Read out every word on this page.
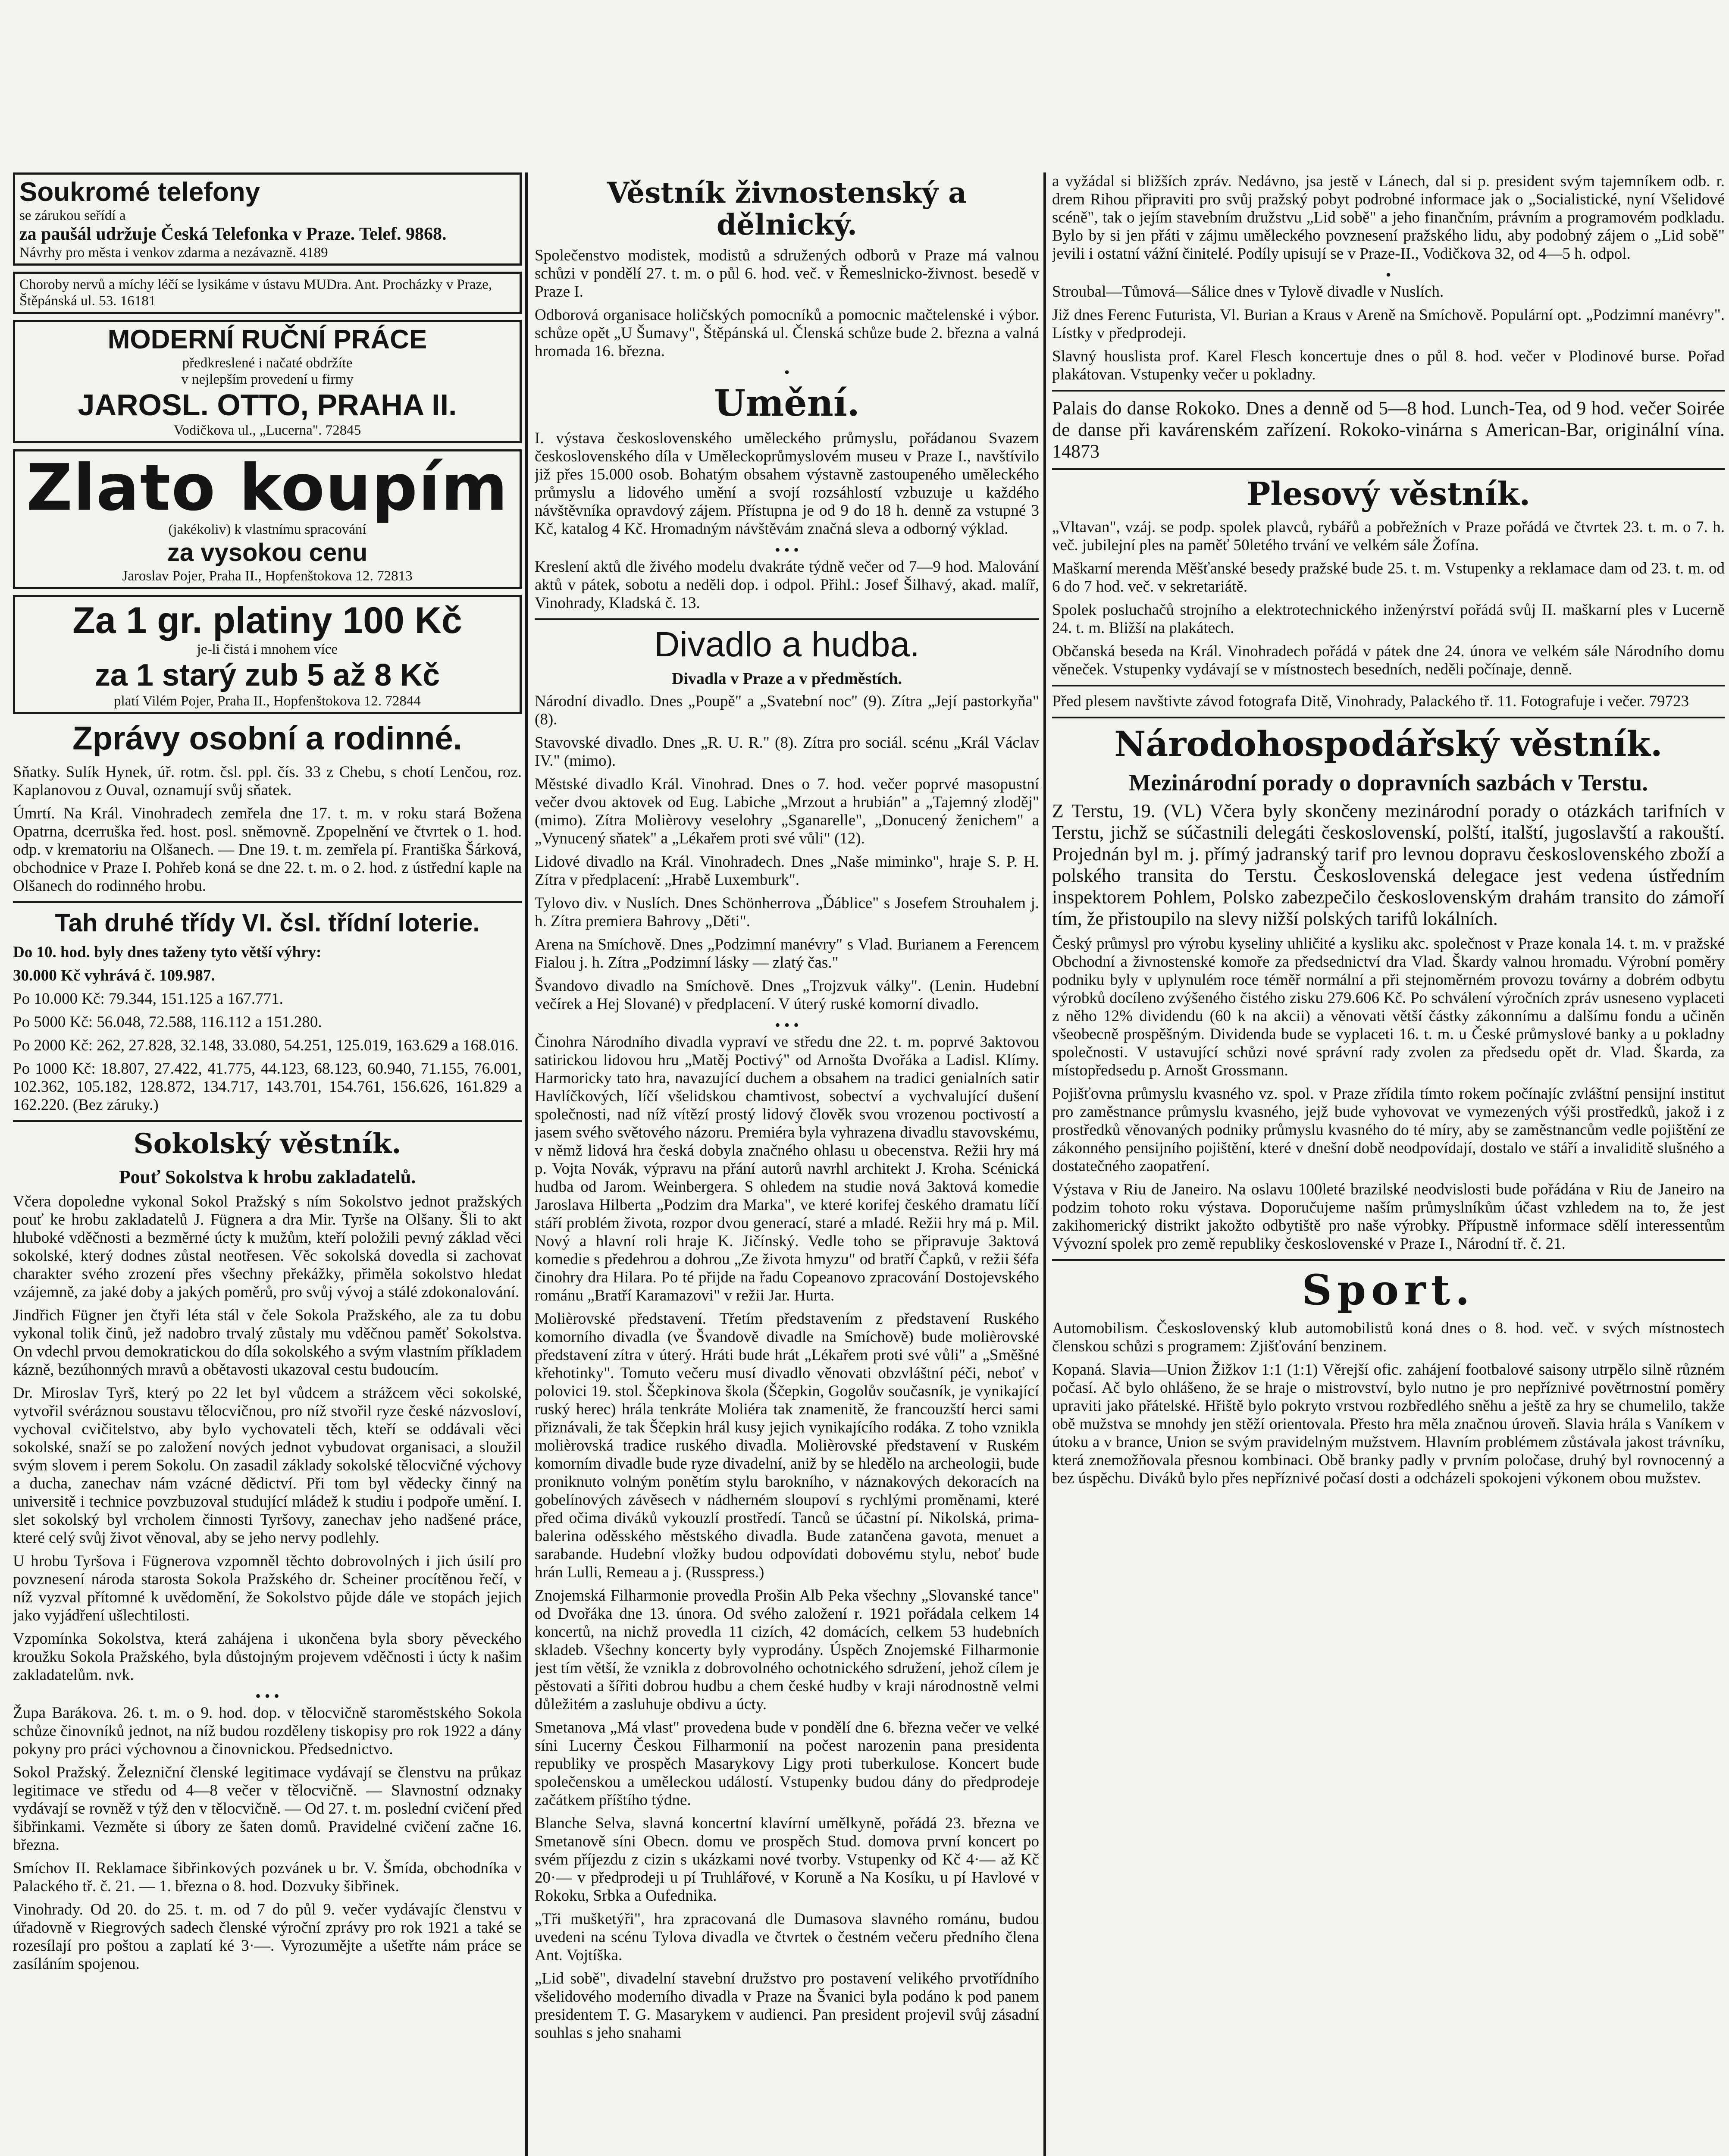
Soukromé telefony
se zárukou seřídí a
za paušál udržuje Česká Telefonka v Praze. Telef. 9868.
Návrhy pro města i venkov zdarma a nezávazně. 4189
Choroby nervů a míchy léčí se lysikáme v ústavu MUDra. Ant. Procházky v Praze, Štěpánská ul. 53. 16181
MODERNÍ RUČNÍ PRÁCE
předkreslené i načaté obdržíte
v nejlepším provedení u firmy
JAROSL. OTTO, PRAHA II.
Vodičkova ul., „Lucerna". 72845
Zlato koupím
(jakékoliv) k vlastnímu spracování
za vysokou cenu
Jaroslav Pojer, Praha II., Hopfenštokova 12. 72813
Za 1 gr. platiny 100 Kč
je-li čistá i mnohem více
za 1 starý zub 5 až 8 Kč
platí Vilém Pojer, Praha II., Hopfenštokova 12. 72844
Zprávy osobní a rodinné.

Sňatky. Sulík Hynek, úř. rotm. čsl. ppl. čís. 33 z Chebu, s chotí Lenčou, roz. Kaplanovou z Ouval, oznamují svůj sňatek.

Úmrtí. Na Král. Vinohradech zemřela dne 17. t. m. v roku stará Božena Opatrna, dcerruška řed. host. posl. sněmovně. Zpopelnění ve čtvrtek o 1. hod. odp. v krematoriu na Olšanech. — Dne 19. t. m. zemřela pí. Františka Šárková, obchodnice v Praze I. Pohřeb koná se dne 22. t. m. o 2. hod. z ústřední kaple na Olšanech do rodinného hrobu.

Tah druhé třídy VI. čsl. třídní loterie.

Do 10. hod. byly dnes taženy tyto větší výhry:

30.000 Kč vyhrává č. 109.987.

Po 10.000 Kč: 79.344, 151.125 a 167.771.

Po 5000 Kč: 56.048, 72.588, 116.112 a 151.280.

Po 2000 Kč: 262, 27.828, 32.148, 33.080, 54.251, 125.019, 163.629 a 168.016.

Po 1000 Kč: 18.807, 27.422, 41.775, 44.123, 68.123, 60.940, 71.155, 76.001, 102.362, 105.182, 128.872, 134.717, 143.701, 154.761, 156.626, 161.829 a 162.220. (Bez záruky.)

Sokolský věstník.
Pouť Sokolstva k hrobu zakladatelů.

Včera dopoledne vykonal Sokol Pražský s ním Sokolstvo jednot pražských pouť ke hrobu zakladatelů J. Fügnera a dra Mir. Tyrše na Olšany. Šli to akt hluboké vděčnosti a bezměrné úcty k mužům, kteří položili pevný základ věci sokolské, který dodnes zůstal neotřesen. Věc sokolská dovedla si zachovat charakter svého zrození přes všechny překážky, přiměla sokolstvo hledat vzájemně, za jaké doby a jakých poměrů, pro svůj vývoj a stálé zdokonalování.

Jindřich Fügner jen čtyři léta stál v čele Sokola Pražského, ale za tu dobu vykonal tolik činů, jež nadobro trvalý zůstaly mu vděčnou paměť Sokolstva. On vdechl prvou demokratickou do díla sokolského a svým vlastním příkladem kázně, bezúhonných mravů a obětavosti ukazoval cestu budoucím.

Dr. Miroslav Tyrš, který po 22 let byl vůdcem a strážcem věci sokolské, vytvořil svéráznou soustavu tělocvičnou, pro níž stvořil ryze české názvosloví, vychoval cvičitelstvo, aby bylo vychovateli těch, kteří se oddávali věci sokolské, snaží se po založení nových jednot vybudovat organisaci, a sloužil svým slovem i perem Sokolu. On zasadil základy sokolské tělocvičné výchovy a ducha, zanechav nám vzácné dědictví. Při tom byl vědecky činný na universitě i technice povzbuzoval studující mládež k studiu i podpoře umění. I. slet sokolský byl vrcholem činnosti Tyršovy, zanechav jeho nadšené práce, které celý svůj život věnoval, aby se jeho nervy podlehly.

U hrobu Tyršova i Fügnerova vzpomněl těchto dobrovolných i jich úsilí pro povznesení národa starosta Sokola Pražského dr. Scheiner procítěnou řečí, v níž vyzval přítomné k uvědomění, že Sokolstvo půjde dále ve stopách jejich jako vyjádření ušlechtilosti.

Vzpomínka Sokolstva, která zahájena i ukončena byla sbory pěveckého kroužku Sokola Pražského, byla důstojným projevem vděčnosti i úcty k našim zakladatelům. nvk.

• • •

Župa Barákova. 26. t. m. o 9. hod. dop. v tělocvičně staroměstského Sokola schůze činovníků jednot, na níž budou rozděleny tiskopisy pro rok 1922 a dány pokyny pro práci výchovnou a činovnickou. Předsednictvo.

Sokol Pražský. Železniční členské legitimace vydávají se členstvu na průkaz legitimace ve středu od 4—8 večer v tělocvičně. — Slavnostní odznaky vydávají se rovněž v týž den v tělocvičně. — Od 27. t. m. poslední cvičení před šibřinkami. Vezměte si úbory ze šaten domů. Pravidelné cvičení začne 16. března.

Smíchov II. Reklamace šibřinkových pozvánek u br. V. Šmída, obchodníka v Palackého tř. č. 21. — 1. března o 8. hod. Dozvuky šibřinek.

Vinohrady. Od 20. do 25. t. m. od 7 do půl 9. večer vydávajíc členstvu v úřadovně v Riegrových sadech členské výroční zprávy pro rok 1921 a také se rozesílají pro poštou a zaplatí ké 3·—. Vyrozumějte a ušetřte nám práce se zasíláním spojenou.

Věstník živnostenský a dělnický.

Společenstvo modistek, modistů a sdružených odborů v Praze má valnou schůzi v pondělí 27. t. m. o půl 6. hod. več. v Řemeslnicko-živnost. besedě v Praze I.

Odborová organisace holičských pomocníků a pomocnic mačtelenské i výbor. schůze opět „U Šumavy", Štěpánská ul. Členská schůze bude 2. března a valná hromada 16. března.

•
Umění.

I. výstava československého uměleckého průmyslu, pořádanou Svazem československého díla v Uměleckoprůmyslovém museu v Praze I., navštívilo již přes 15.000 osob. Bohatým obsahem výstavně zastoupeného uměleckého průmyslu a lidového umění a svojí rozsáhlostí vzbuzuje u každého návštěvníka opravdový zájem. Přístupna je od 9 do 18 h. denně za vstupné 3 Kč, katalog 4 Kč. Hromadným návštěvám značná sleva a odborný výklad.

• • •

Kreslení aktů dle živého modelu dvakráte týdně večer od 7—9 hod. Malování aktů v pátek, sobotu a neděli dop. i odpol. Přihl.: Josef Šilhavý, akad. malíř, Vinohrady, Kladská č. 13.

Divadlo a hudba.
Divadla v Praze a v předměstích.

Národní divadlo. Dnes „Poupě" a „Svatební noc" (9). Zítra „Její pastorkyňa" (8).

Stavovské divadlo. Dnes „R. U. R." (8). Zítra pro sociál. scénu „Král Václav IV." (mimo).

Městské divadlo Král. Vinohrad. Dnes o 7. hod. večer poprvé masopustní večer dvou aktovek od Eug. Labiche „Mrzout a hrubián" a „Tajemný zloděj" (mimo). Zítra Molièrovy veselohry „Sganarelle", „Donucený ženichem" a „Vynucený sňatek" a „Lékařem proti své vůli" (12).

Lidové divadlo na Král. Vinohradech. Dnes „Naše miminko", hraje S. P. H. Zítra v předplacení: „Hrabě Luxemburk".

Tylovo div. v Nuslích. Dnes Schönherrova „Ďáblice" s Josefem Strouhalem j. h. Zítra premiera Bahrovy „Děti".

Arena na Smíchově. Dnes „Podzimní manévry" s Vlad. Burianem a Ferencem Fialou j. h. Zítra „Podzimní lásky — zlatý čas."

Švandovo divadlo na Smíchově. Dnes „Trojzvuk války". (Lenin. Hudební večírek a Hej Slované) v předplacení. V úterý ruské komorní divadlo.

• • •

Činohra Národního divadla vypraví ve středu dne 22. t. m. poprvé 3aktovou satirickou lidovou hru „Matěj Poctivý" od Arnošta Dvořáka a Ladisl. Klímy. Harmoricky tato hra, navazující duchem a obsahem na tradici genialních satir Havlíčkových, líčí všelidskou chamtivost, sobectví a vychvalující dušení společnosti, nad níž vítězí prostý lidový člověk svou vrozenou poctivostí a jasem svého světového názoru. Premiéra byla vyhrazena divadlu stavovskému, v němž lidová hra česká dobyla značného ohlasu u obecenstva. Režii hry má p. Vojta Novák, výpravu na přání autorů navrhl architekt J. Kroha. Scénická hudba od Jarom. Weinbergera. S ohledem na studie nová 3aktová komedie Jaroslava Hilberta „Podzim dra Marka", ve které korifej českého dramatu líčí stáří problém života, rozpor dvou generací, staré a mladé. Režii hry má p. Mil. Nový a hlavní roli hraje K. Jičínský. Vedle toho se připravuje 3aktová komedie s předehrou a dohrou „Ze života hmyzu" od bratří Čapků, v režii šéfa činohry dra Hilara. Po té přijde na řadu Copeanovo zpracování Dostojevského románu „Bratří Karamazovi" v režii Jar. Hurta.

Molièrovské představení. Třetím představením z představení Ruského komorního divadla (ve Švandově divadle na Smíchově) bude molièrovské představení zítra v úterý. Hráti bude hrát „Lékařem proti své vůli" a „Směšné křehotinky". Tomuto večeru musí divadlo věnovati obzvláštní péči, neboť v polovici 19. stol. Ščepkinova škola (Ščepkin, Gogolův současník, je vynikající ruský herec) hrála tenkráte Moliéra tak znamenitě, že francouzští herci sami přiznávali, že tak Ščepkin hrál kusy jejich vynikajícího rodáka. Z toho vznikla molièrovská tradice ruského divadla. Molièrovské představení v Ruském komorním divadle bude ryze divadelní, aniž by se hledělo na archeologii, bude proniknuto volným ponětím stylu barokního, v náznakových dekoracích na gobelínových závěsech v nádherném sloupoví s rychlými proměnami, které před očima diváků vykouzlí prostředí. Tanců se účastní pí. Nikolská, prima-balerina oděsského městského divadla. Bude zatančena gavota, menuet a sarabande. Hudební vložky budou odpovídati dobovému stylu, neboť bude hrán Lulli, Remeau a j. (Russpress.)

Znojemská Filharmonie provedla Prošin Alb Peka všechny „Slovanské tance" od Dvořáka dne 13. února. Od svého založení r. 1921 pořádala celkem 14 koncertů, na nichž provedla 11 cizích, 42 domácích, celkem 53 hudebních skladeb. Všechny koncerty byly vyprodány. Úspěch Znojemské Filharmonie jest tím větší, že vznikla z dobrovolného ochotnického sdružení, jehož cílem je pěstovati a šířiti dobrou hudbu a chem české hudby v kraji národnostně velmi důležitém a zasluhuje obdivu a úcty.

Smetanova „Má vlast" provedena bude v pondělí dne 6. března večer ve velké síni Lucerny Českou Filharmonií na počest narozenin pana presidenta republiky ve prospěch Masarykovy Ligy proti tuberkulose. Koncert bude společenskou a uměleckou událostí. Vstupenky budou dány do předprodeje začátkem příštího týdne.

Blanche Selva, slavná koncertní klavírní umělkyně, pořádá 23. března ve Smetanově síni Obecn. domu ve prospěch Stud. domova první koncert po svém příjezdu z cizin s ukázkami nové tvorby. Vstupenky od Kč 4·— až Kč 20·— v předprodeji u pí Truhlářové, v Koruně a Na Kosíku, u pí Havlové v Rokoku, Srbka a Oufednika.

„Tři mušketýři", hra zpracovaná dle Dumasova slavného románu, budou uvedeni na scénu Tylova divadla ve čtvrtek o čestném večeru předního člena Ant. Vojtíška.

„Lid sobě", divadelní stavební družstvo pro postavení velikého prvotřídního všelidového moderního divadla v Praze na Švanici byla podáno k pod panem presidentem T. G. Masarykem v audienci. Pan president projevil svůj zásadní souhlas s jeho snahami

a vyžádal si bližších zpráv. Nedávno, jsa jestě v Lánech, dal si p. president svým tajemníkem odb. r. drem Rihou připraviti pro svůj pražský pobyt podrobné informace jak o „Socialistické, nyní Všelidové scéně", tak o jejím stavebním družstvu „Lid sobě" a jeho finančním, právním a programovém podkladu. Bylo by si jen přáti v zájmu uměleckého povznesení pražského lidu, aby podobný zájem o „Lid sobě" jevili i ostatní vážní činitelé. Podíly upisují se v Praze-II., Vodičkova 32, od 4—5 h. odpol.

•

Stroubal—Tůmová—Sálice dnes v Tylově divadle v Nuslích.

Již dnes Ferenc Futurista, Vl. Burian a Kraus v Areně na Smíchově. Populární opt. „Podzimní manévry". Lístky v předprodeji.

Slavný houslista prof. Karel Flesch koncertuje dnes o půl 8. hod. večer v Plodinové burse. Pořad plakátovan. Vstupenky večer u pokladny.

Palais do danse Rokoko. Dnes a denně od 5—8 hod. Lunch-Tea, od 9 hod. večer Soirée de danse při kavárenském zařízení. Rokoko-vinárna s American-Bar, originální vína. 14873

Plesový věstník.

„Vltavan", vzáj. se podp. spolek plavců, rybářů a pobřežních v Praze pořádá ve čtvrtek 23. t. m. o 7. h. več. jubilejní ples na paměť 50letého trvání ve velkém sále Žofína.

Maškarní merenda Měšťanské besedy pražské bude 25. t. m. Vstupenky a reklamace dam od 23. t. m. od 6 do 7 hod. več. v sekretariátě.

Spolek posluchačů strojního a elektrotechnického inženýrství pořádá svůj II. maškarní ples v Lucerně 24. t. m. Bližší na plakátech.

Občanská beseda na Král. Vinohradech pořádá v pátek dne 24. února ve velkém sále Národního domu věneček. Vstupenky vydávají se v místnostech besedních, neděli počínaje, denně.

Před plesem navštivte závod fotografa Ditě, Vinohrady, Palackého tř. 11. Fotografuje i večer. 79723

Národohospodářský věstník.
Mezinárodní porady o dopravních sazbách v Terstu.

Z Terstu, 19. (VL) Včera byly skončeny mezinárodní porady o otázkách tarifních v Terstu, jichž se súčastnili delegáti československí, polští, italští, jugoslavští a rakouští. Projednán byl m. j. přímý jadranský tarif pro levnou dopravu československého zboží a polského transita do Terstu. Československá delegace jest vedena ústředním inspektorem Pohlem, Polsko zabezpečilo československým drahám transito do zámoří tím, že přistoupilo na slevy nižší polských tarifů lokálních.

Český průmysl pro výrobu kyseliny uhličité a kysliku akc. společnost v Praze konala 14. t. m. v pražské Obchodní a živnostenské komoře za předsednictví dra Vlad. Škardy valnou hromadu. Výrobní poměry podniku byly v uplynulém roce téměř normální a při stejnoměrném provozu továrny a dobrém odbytu výrobků docíleno zvýšeného čistého zisku 279.606 Kč. Po schválení výročních zpráv usneseno vyplaceti z něho 12% dividendu (60 k na akcii) a věnovati větší částky zákonnímu a dalšímu fondu a učiněn všeobecně prospěšným. Dividenda bude se vyplaceti 16. t. m. u České průmyslové banky a u pokladny společnosti. V ustavující schůzi nové správní rady zvolen za předsedu opět dr. Vlad. Škarda, za místopředsedu p. Arnošt Grossmann.

Pojišťovna průmyslu kvasného vz. spol. v Praze zřídila tímto rokem počínajíc zvláštní pensijní institut pro zaměstnance průmyslu kvasného, jejž bude vyhovovat ve vymezených výši prostředků, jakož i z prostředků věnovaných podniky průmyslu kvasného do té míry, aby se zaměstnancům vedle pojištění ze zákonného pensijního pojištění, které v dnešní době neodpovídají, dostalo ve stáří a invaliditě slušného a dostatečného zaopatření.

Výstava v Riu de Janeiro. Na oslavu 100leté brazilské neodvislosti bude pořádána v Riu de Janeiro na podzim tohoto roku výstava. Doporučujeme naším průmyslníkům účast vzhledem na to, že jest zakihomerický distrikt jakožto odbytiště pro naše výrobky. Přípustně informace sdělí interessentům Vývozní spolek pro země republiky československé v Praze I., Národní tř. č. 21.

Sport.

Automobilism. Československý klub automobilistů koná dnes o 8. hod. več. v svých místnostech členskou schůzi s programem: Zjišťování benzinem.

Kopaná. Slavia—Union Žižkov 1:1 (1:1) Věrejší ofic. zahájení footbalové saisony utrpělo silně různém počasí. Ač bylo ohlášeno, že se hraje o mistrovství, bylo nutno je pro nepříznivé povětrnostní poměry upraviti jako přátelské. Hřiště bylo pokryto vrstvou rozbředlého sněhu a ještě za hry se chumelilo, takže obě mužstva se mnohdy jen stěží orientovala. Přesto hra měla značnou úroveň. Slavia hrála s Vaníkem v útoku a v brance, Union se svým pravidelným mužstvem. Hlavním problémem zůstávala jakost trávníku, která znemožňovala přesnou kombinaci. Obě branky padly v prvním poločase, druhý byl rovnocenný a bez úspěchu. Diváků bylo přes nepříznivé počasí dosti a odcházeli spokojeni výkonem obou mužstev.
